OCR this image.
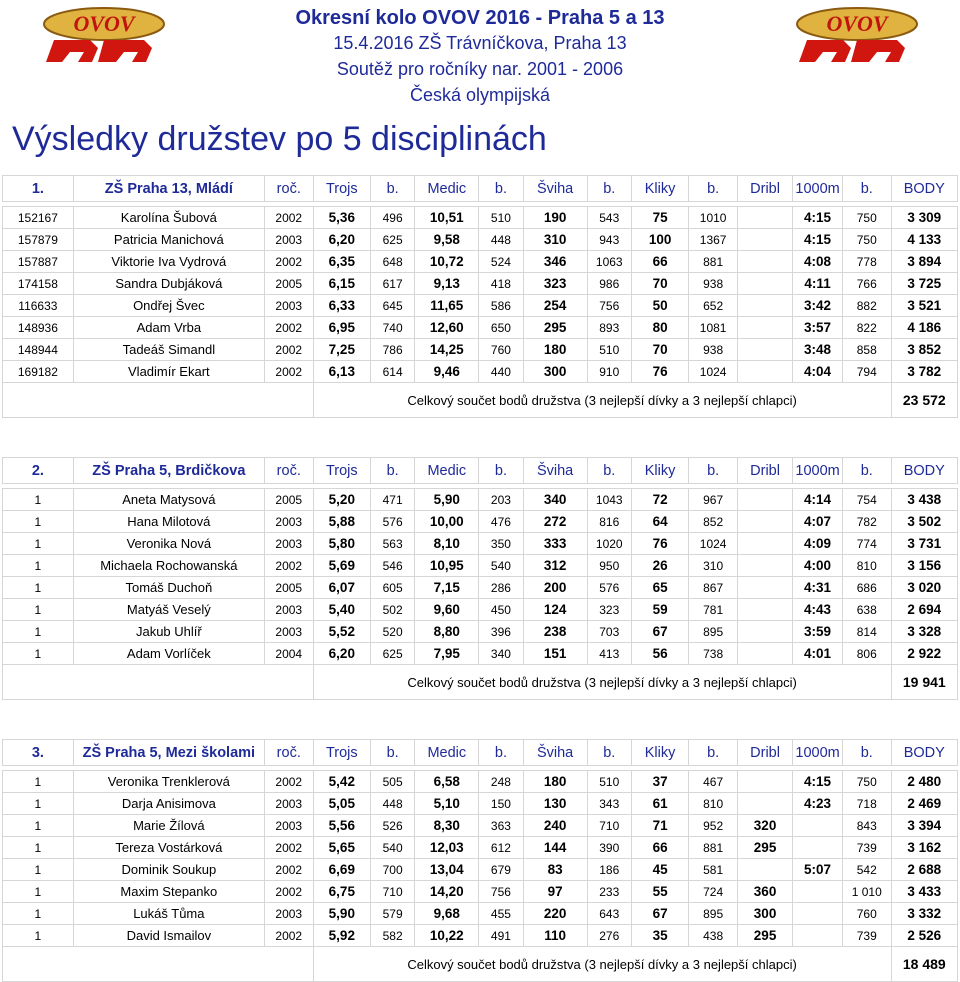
OVOV	OVOV
Okresní kolo OVOV 2016 - Praha 5 a 13
15.4.2016 ZŠ Trávníčkova, Praha 13
Soutěž pro ročníky nar. 2001 - 2006
Česká olympijská
Výsledky družstev po 5 disciplinách
1.	ZŠ Praha 13, Mládí	roč.	Trojs	b.	Medic	b.	Šviha	b.	Kliky	b.	Dribl	1000m	b.	BODY

152167	Karolína Šubová	2002	5,36	496	10,51	510	190	543	75	1010		4:15	750	3 309
157879	Patricia Manichová	2003	6,20	625	9,58	448	310	943	100	1367		4:15	750	4 133
157887	Viktorie Iva Vydrová	2002	6,35	648	10,72	524	346	1063	66	881		4:08	778	3 894
174158	Sandra Dubjáková	2005	6,15	617	9,13	418	323	986	70	938		4:11	766	3 725
116633	Ondřej Švec	2003	6,33	645	11,65	586	254	756	50	652		3:42	882	3 521
148936	Adam Vrba	2002	6,95	740	12,60	650	295	893	80	1081		3:57	822	4 186
148944	Tadeáš Simandl	2002	7,25	786	14,25	760	180	510	70	938		3:48	858	3 852
169182	Vladimír Ekart	2002	6,13	614	9,46	440	300	910	76	1024		4:04	794	3 782
			Celkový součet bodů družstva (3 nejlepší dívky a 3 nejlepší chlapci)											23 572
2.	ZŠ Praha 5, Brdičkova	roč.	Trojs	b.	Medic	b.	Šviha	b.	Kliky	b.	Dribl	1000m	b.	BODY

1	Aneta Matysová	2005	5,20	471	5,90	203	340	1043	72	967		4:14	754	3 438
1	Hana Milotová	2003	5,88	576	10,00	476	272	816	64	852		4:07	782	3 502
1	Veronika Nová	2003	5,80	563	8,10	350	333	1020	76	1024		4:09	774	3 731
1	Michaela Rochowanská	2002	5,69	546	10,95	540	312	950	26	310		4:00	810	3 156
1	Tomáš Duchoň	2005	6,07	605	7,15	286	200	576	65	867		4:31	686	3 020
1	Matyáš Veselý	2003	5,40	502	9,60	450	124	323	59	781		4:43	638	2 694
1	Jakub Uhlíř	2003	5,52	520	8,80	396	238	703	67	895		3:59	814	3 328
1	Adam Vorlíček	2004	6,20	625	7,95	340	151	413	56	738		4:01	806	2 922
			Celkový součet bodů družstva (3 nejlepší dívky a 3 nejlepší chlapci)											19 941
3.	ZŠ Praha 5, Mezi školami	roč.	Trojs	b.	Medic	b.	Šviha	b.	Kliky	b.	Dribl	1000m	b.	BODY

1	Veronika Trenklerová	2002	5,42	505	6,58	248	180	510	37	467		4:15	750	2 480
1	Darja Anisimova	2003	5,05	448	5,10	150	130	343	61	810		4:23	718	2 469
1	Marie Žílová	2003	5,56	526	8,30	363	240	710	71	952	320		843	3 394
1	Tereza Vostárková	2002	5,65	540	12,03	612	144	390	66	881	295		739	3 162
1	Dominik Soukup	2002	6,69	700	13,04	679	83	186	45	581		5:07	542	2 688
1	Maxim Stepanko	2002	6,75	710	14,20	756	97	233	55	724	360		1 010	3 433
1	Lukáš Tůma	2003	5,90	579	9,68	455	220	643	67	895	300		760	3 332
1	David Ismailov	2002	5,92	582	10,22	491	110	276	35	438	295		739	2 526
			Celkový součet bodů družstva (3 nejlepší dívky a 3 nejlepší chlapci)											18 489
